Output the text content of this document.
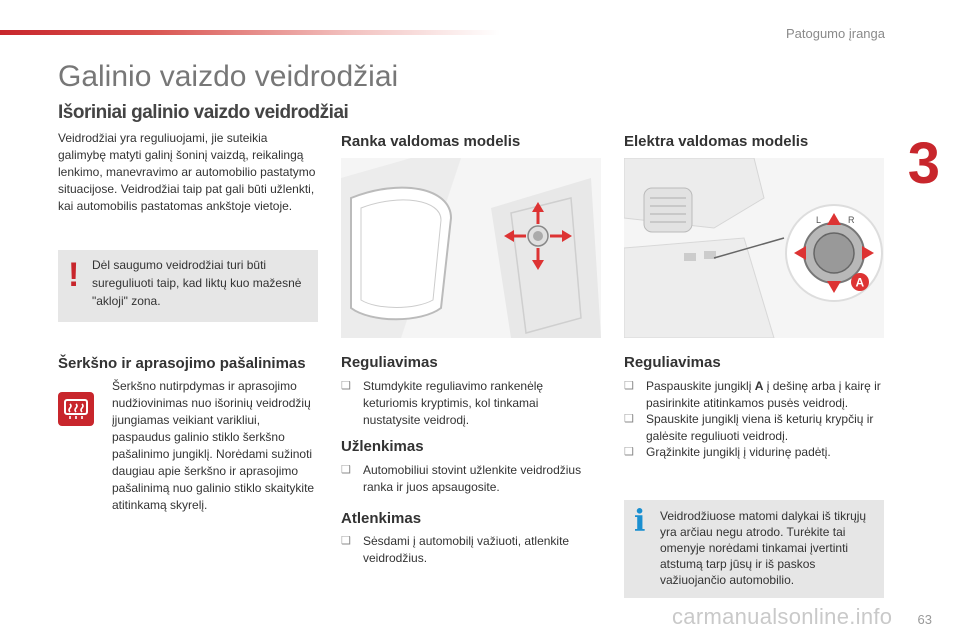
Patogumo įranga
3
Galinio vaizdo veidrodžiai
Išoriniai galinio vaizdo veidrodžiai
Veidrodžiai yra reguliuojami, jie suteikia galimybę matyti galinį šoninį vaizdą, reikalingą lenkimo, manevravimo ar automobilio pastatymo situacijose. Veidrodžiai taip pat gali būti užlenkti, kai automobilis pastatomas ankštoje vietoje.
! Dėl saugumo veidrodžiai turi būti sureguliuoti taip, kad liktų kuo mažesnė "akloji" zona.
Šerkšno ir aprasojimo pašalinimas
Šerkšno nutirpdymas ir aprasojimo nudžiovinimas nuo išorinių veidrodžių įjungiamas veikiant varikliui, paspaudus galinio stiklo šerkšno pašalinimo jungiklį. Norėdami sužinoti daugiau apie šerkšno ir aprasojimo pašalinimą nuo galinio stiklo skaitykite atitinkamą skyrelį.
Ranka valdomas modelis
Reguliavimas
❑	Stumdykite reguliavimo rankenėlę keturiomis kryptimis, kol tinkamai nustatysite veidrodį.
Užlenkimas
❑	Automobiliui stovint užlenkite veidrodžius ranka ir juos apsaugosite.
Atlenkimas
❑	Sėsdami į automobilį važiuoti, atlenkite veidrodžius.
Elektra valdomas modelis
L	R
A
Reguliavimas
❑	Paspauskite jungiklį A į dešinę arba į kairę ir pasirinkite atitinkamos pusės veidrodį.
❑	Spauskite jungiklį viena iš keturių krypčių ir galėsite reguliuoti veidrodį.
❑	Grąžinkite jungiklį į vidurinę padėtį.
i Veidrodžiuose matomi dalykai iš tikrųjų yra arčiau negu atrodo. Turėkite tai omenyje norėdami tinkamai įvertinti atstumą tarp jūsų ir iš paskos važiuojančio automobilio.
carmanualsonline.info 63
